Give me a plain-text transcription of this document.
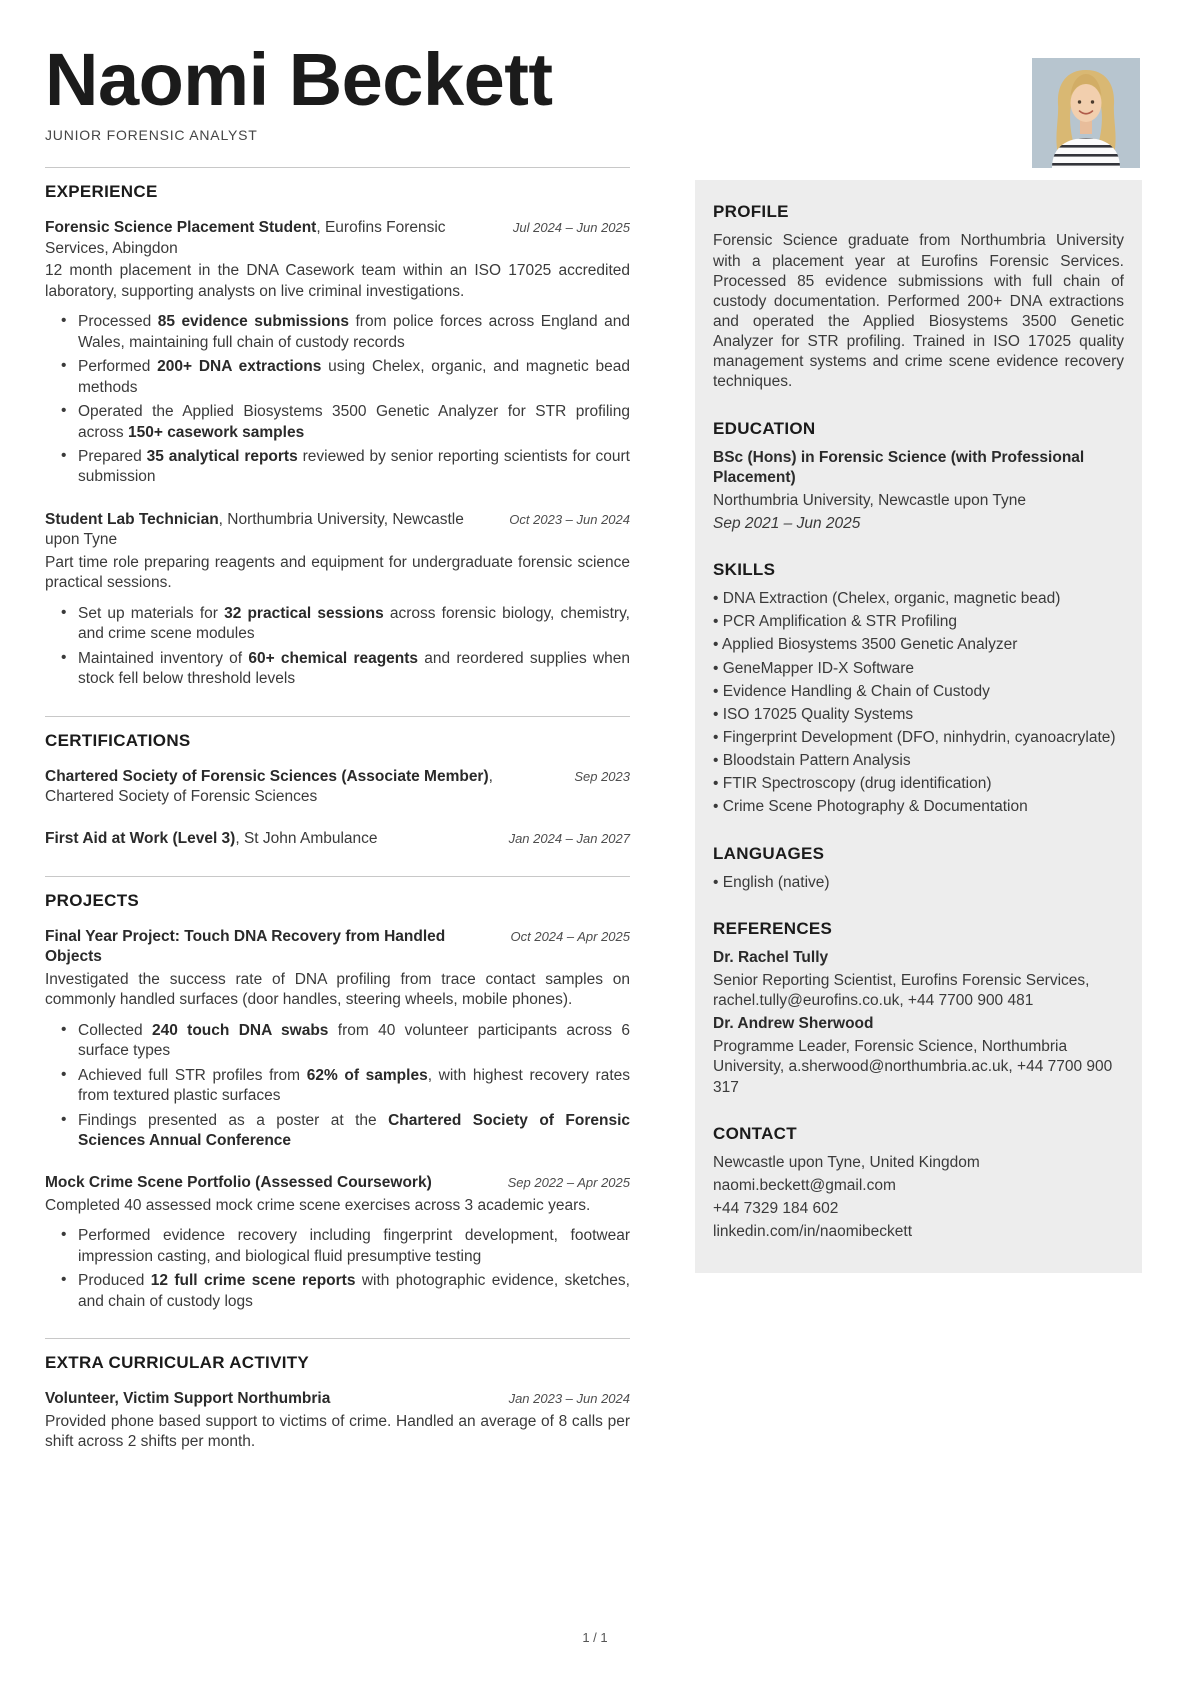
Naomi Beckett
JUNIOR FORENSIC ANALYST
EXPERIENCE
Forensic Science Placement Student, Eurofins Forensic Services, Abingdon
Jul 2024 – Jun 2025

12 month placement in the DNA Casework team within an ISO 17025 accredited laboratory, supporting analysts on live criminal investigations.

• Processed 85 evidence submissions from police forces across England and Wales, maintaining full chain of custody records
• Performed 200+ DNA extractions using Chelex, organic, and magnetic bead methods
• Operated the Applied Biosystems 3500 Genetic Analyzer for STR profiling across 150+ casework samples
• Prepared 35 analytical reports reviewed by senior reporting scientists for court submission
Student Lab Technician, Northumbria University, Newcastle upon Tyne
Oct 2023 – Jun 2024

Part time role preparing reagents and equipment for undergraduate forensic science practical sessions.

• Set up materials for 32 practical sessions across forensic biology, chemistry, and crime scene modules
• Maintained inventory of 60+ chemical reagents and reordered supplies when stock fell below threshold levels
CERTIFICATIONS
Chartered Society of Forensic Sciences (Associate Member), Chartered Society of Forensic Sciences
Sep 2023
First Aid at Work (Level 3), St John Ambulance	Jan 2024 – Jan 2027
PROJECTS
Final Year Project: Touch DNA Recovery from Handled Objects
Oct 2024 – Apr 2025

Investigated the success rate of DNA profiling from trace contact samples on commonly handled surfaces (door handles, steering wheels, mobile phones).

• Collected 240 touch DNA swabs from 40 volunteer participants across 6 surface types
• Achieved full STR profiles from 62% of samples, with highest recovery rates from textured plastic surfaces
• Findings presented as a poster at the Chartered Society of Forensic Sciences Annual Conference
Mock Crime Scene Portfolio (Assessed Coursework)	Sep 2022 – Apr 2025

Completed 40 assessed mock crime scene exercises across 3 academic years.

• Performed evidence recovery including fingerprint development, footwear impression casting, and biological fluid presumptive testing
• Produced 12 full crime scene reports with photographic evidence, sketches, and chain of custody logs
EXTRA CURRICULAR ACTIVITY
Volunteer, Victim Support Northumbria	Jan 2023 – Jun 2024

Provided phone based support to victims of crime. Handled an average of 8 calls per shift across 2 shifts per month.

PROFILE

Forensic Science graduate from Northumbria University with a placement year at Eurofins Forensic Services. Processed 85 evidence submissions with full chain of custody documentation. Performed 200+ DNA extractions and operated the Applied Biosystems 3500 Genetic Analyzer for STR profiling. Trained in ISO 17025 quality management systems and crime scene evidence recovery techniques.

EDUCATION

BSc (Hons) in Forensic Science (with Professional Placement)

Northumbria University, Newcastle upon Tyne

Sep 2021 – Jun 2025

SKILLS
• DNA Extraction (Chelex, organic, magnetic bead)
• PCR Amplification & STR Profiling
• Applied Biosystems 3500 Genetic Analyzer
• GeneMapper ID-X Software
• Evidence Handling & Chain of Custody
• ISO 17025 Quality Systems
• Fingerprint Development (DFO, ninhydrin, cyanoacrylate)
• Bloodstain Pattern Analysis
• FTIR Spectroscopy (drug identification)
• Crime Scene Photography & Documentation
LANGUAGES
• English (native)
REFERENCES

Dr. Rachel Tully

Senior Reporting Scientist, Eurofins Forensic Services, rachel.tully@eurofins.co.uk, +44 7700 900 481

Dr. Andrew Sherwood

Programme Leader, Forensic Science, Northumbria University, a.sherwood@northumbria.ac.uk, +44 7700 900 317

CONTACT

Newcastle upon Tyne, United Kingdom

naomi.beckett@gmail.com

+44 7329 184 602

linkedin.com/in/naomibeckett

1 / 1
